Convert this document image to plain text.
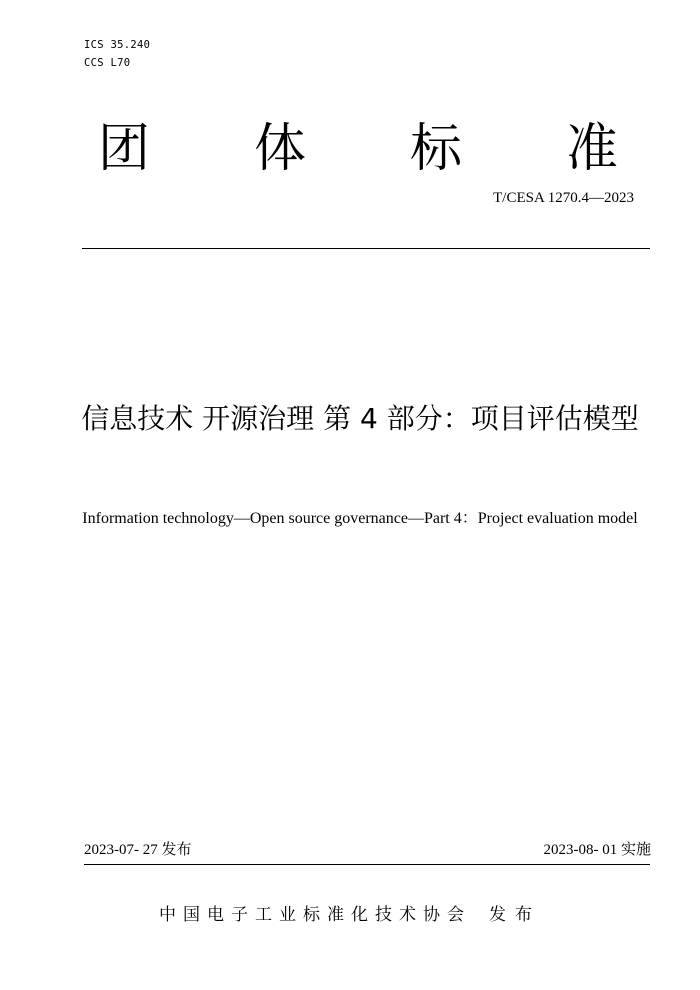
ICS 35.240
CCS L70
团 体 标 准
T/CESA 1270.4—2023
信息技术 开源治理 第 4 部分：项目评估模型
Information technology—Open source governance—Part 4：Project evaluation model
2023-07- 27 发布	2023-08- 01 实施
中国电子工业标准化技术协会 发布
